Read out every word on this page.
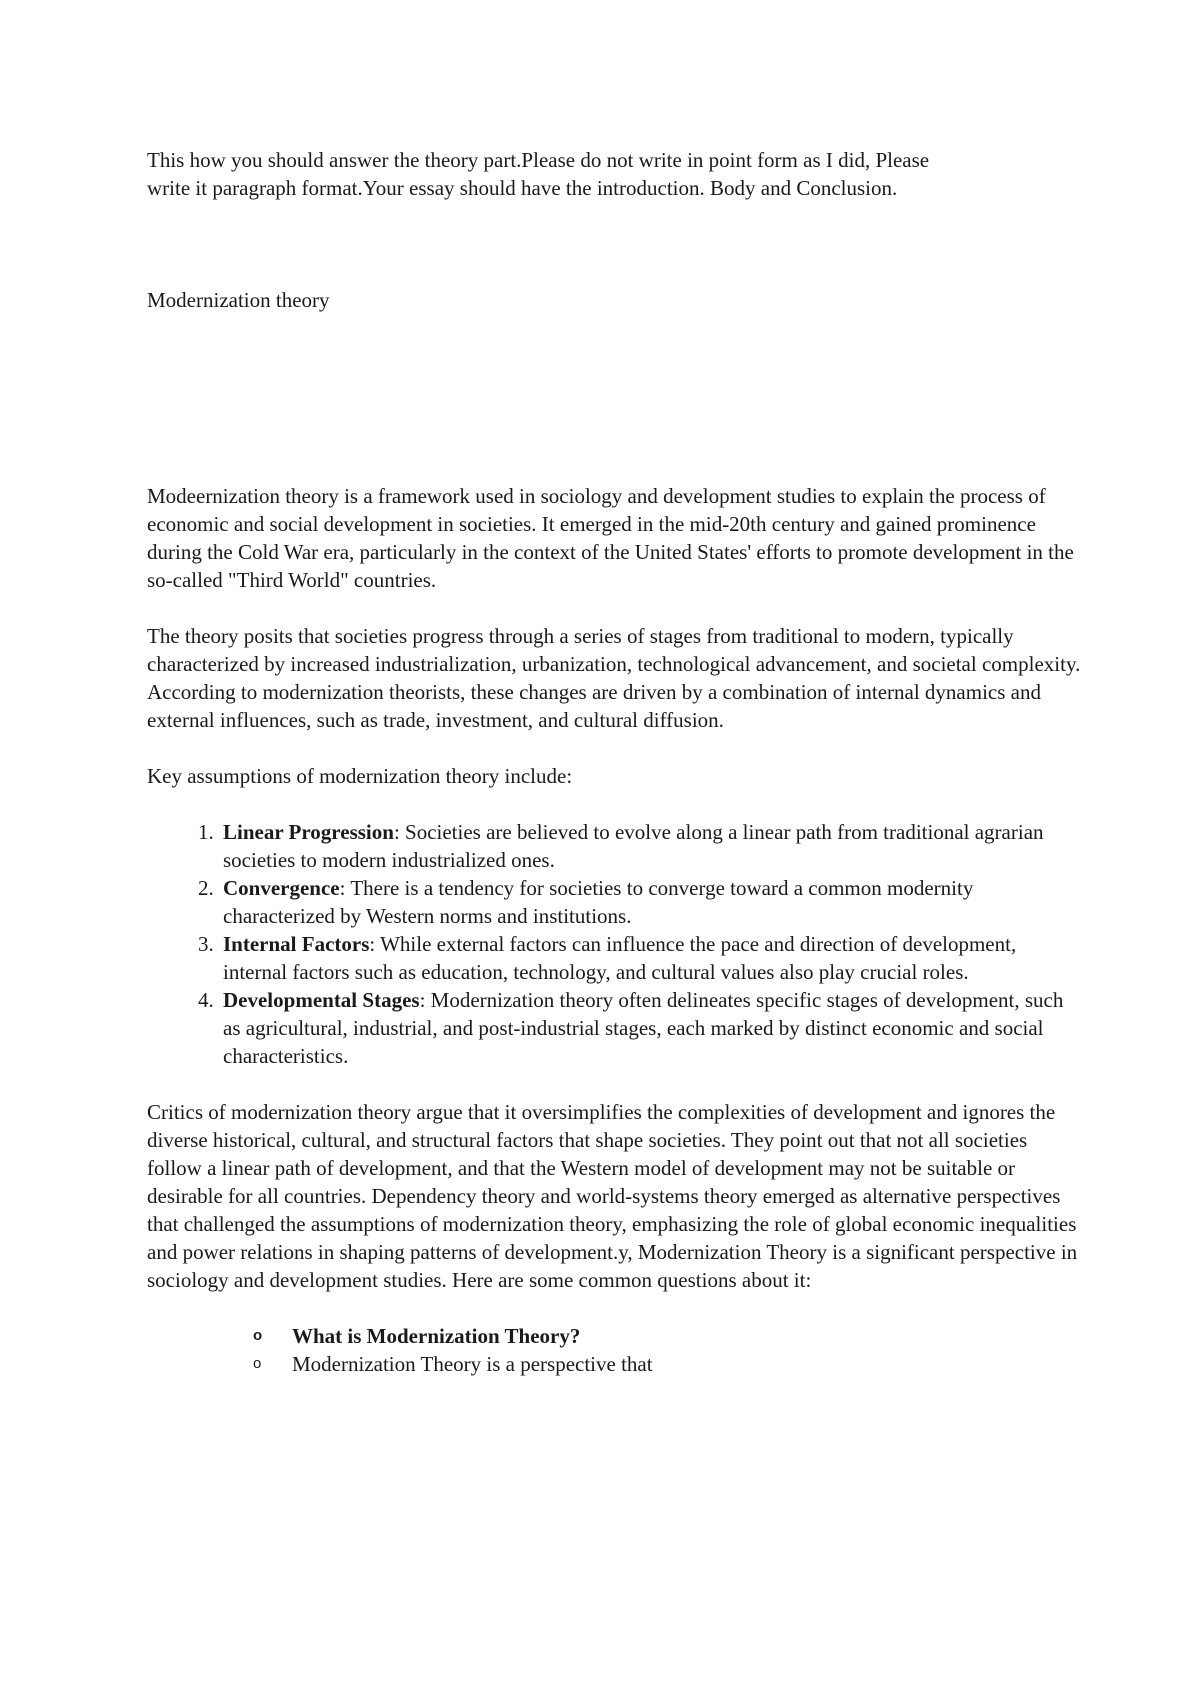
This how you should answer the theory part.Please do not write in point form as I did, Please
write it paragraph format.Your essay should have the introduction. Body and Conclusion.

Modernization theory

Modeernization theory is a framework used in sociology and development studies to explain the process of economic and social development in societies. It emerged in the mid-20th century and gained prominence during the Cold War era, particularly in the context of the United States' efforts to promote development in the so-called "Third World" countries.

The theory posits that societies progress through a series of stages from traditional to modern, typically characterized by increased industrialization, urbanization, technological advancement, and societal complexity. According to modernization theorists, these changes are driven by a combination of internal dynamics and external influences, such as trade, investment, and cultural diffusion.

Key assumptions of modernization theory include:

1. Linear Progression: Societies are believed to evolve along a linear path from traditional agrarian societies to modern industrialized ones.
2. Convergence: There is a tendency for societies to converge toward a common modernity characterized by Western norms and institutions.
3. Internal Factors: While external factors can influence the pace and direction of development, internal factors such as education, technology, and cultural values also play crucial roles.
4. Developmental Stages: Modernization theory often delineates specific stages of development, such as agricultural, industrial, and post-industrial stages, each marked by distinct economic and social characteristics.

Critics of modernization theory argue that it oversimplifies the complexities of development and ignores the diverse historical, cultural, and structural factors that shape societies. They point out that not all societies follow a linear path of development, and that the Western model of development may not be suitable or desirable for all countries. Dependency theory and world-systems theory emerged as alternative perspectives that challenged the assumptions of modernization theory, emphasizing the role of global economic inequalities and power relations in shaping patterns of development.y, Modernization Theory is a significant perspective in sociology and development studies. Here are some common questions about it:

o What is Modernization Theory?
o Modernization Theory is a perspective that
